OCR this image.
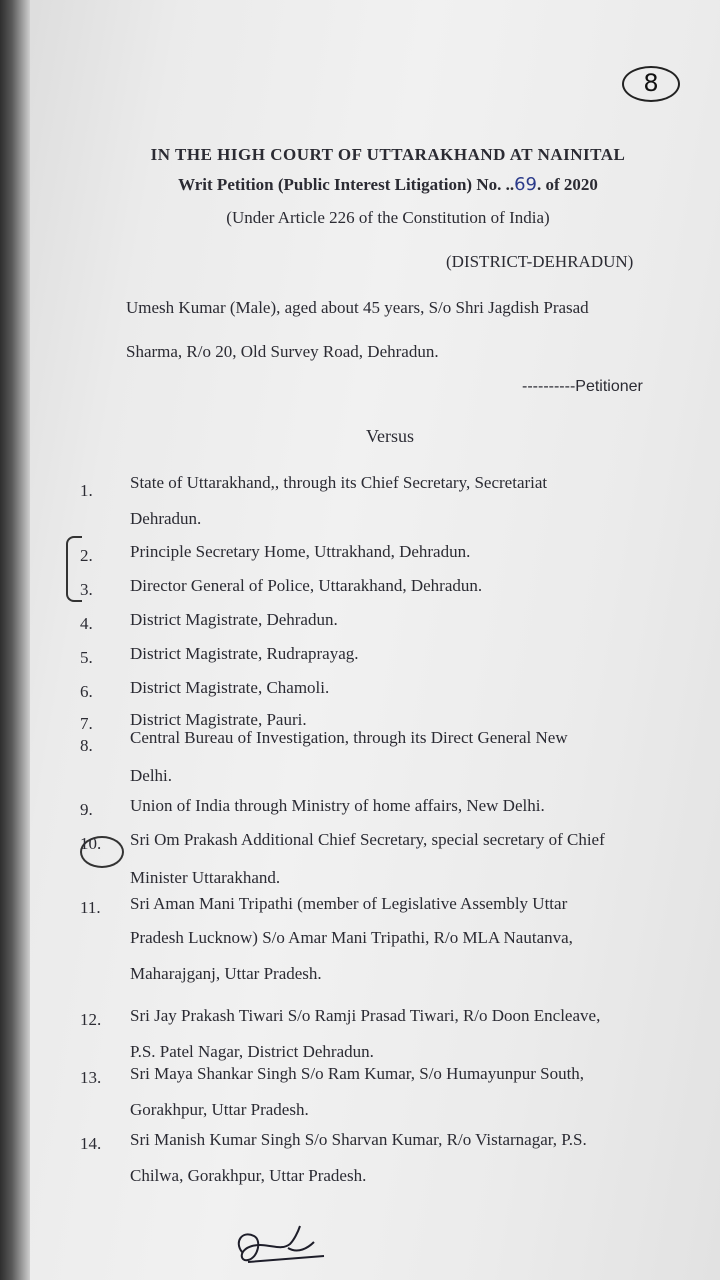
8
IN THE HIGH COURT OF UTTARAKHAND AT NAINITAL
Writ Petition (Public Interest Litigation) No. ..69. of 2020
(Under Article 226 of the Constitution of India)
(DISTRICT-DEHRADUN)
Umesh Kumar (Male), aged about 45 years, S/o Shri Jagdish Prasad
Sharma, R/o 20, Old Survey Road, Dehradun.
----------Petitioner
Versus
1.	State of Uttarakhand,, through its Chief Secretary, Secretariat
Dehradun.
2.	Principle Secretary Home, Uttrakhand, Dehradun.
3.	Director General of Police, Uttarakhand, Dehradun.
4.	District Magistrate, Dehradun.
5.	District Magistrate, Rudraprayag.
6.	District Magistrate, Chamoli.
7.	District Magistrate, Pauri.
8.	Central Bureau of Investigation, through its Direct General New
Delhi.
9.	Union of India through Ministry of home affairs, New Delhi.
10.	Sri Om Prakash Additional Chief Secretary, special secretary of Chief
Minister Uttarakhand.
11.	Sri Aman Mani Tripathi (member of Legislative Assembly Uttar
Pradesh Lucknow) S/o Amar Mani Tripathi, R/o MLA Nautanva,
Maharajganj, Uttar Pradesh.
12.	Sri Jay Prakash Tiwari S/o Ramji Prasad Tiwari, R/o Doon Encleave,
P.S. Patel Nagar, District Dehradun.
13.	Sri Maya Shankar Singh S/o Ram Kumar, S/o Humayunpur South,
Gorakhpur, Uttar Pradesh.
14.	Sri Manish Kumar Singh S/o Sharvan Kumar, R/o Vistarnagar, P.S.
Chilwa, Gorakhpur, Uttar Pradesh.
